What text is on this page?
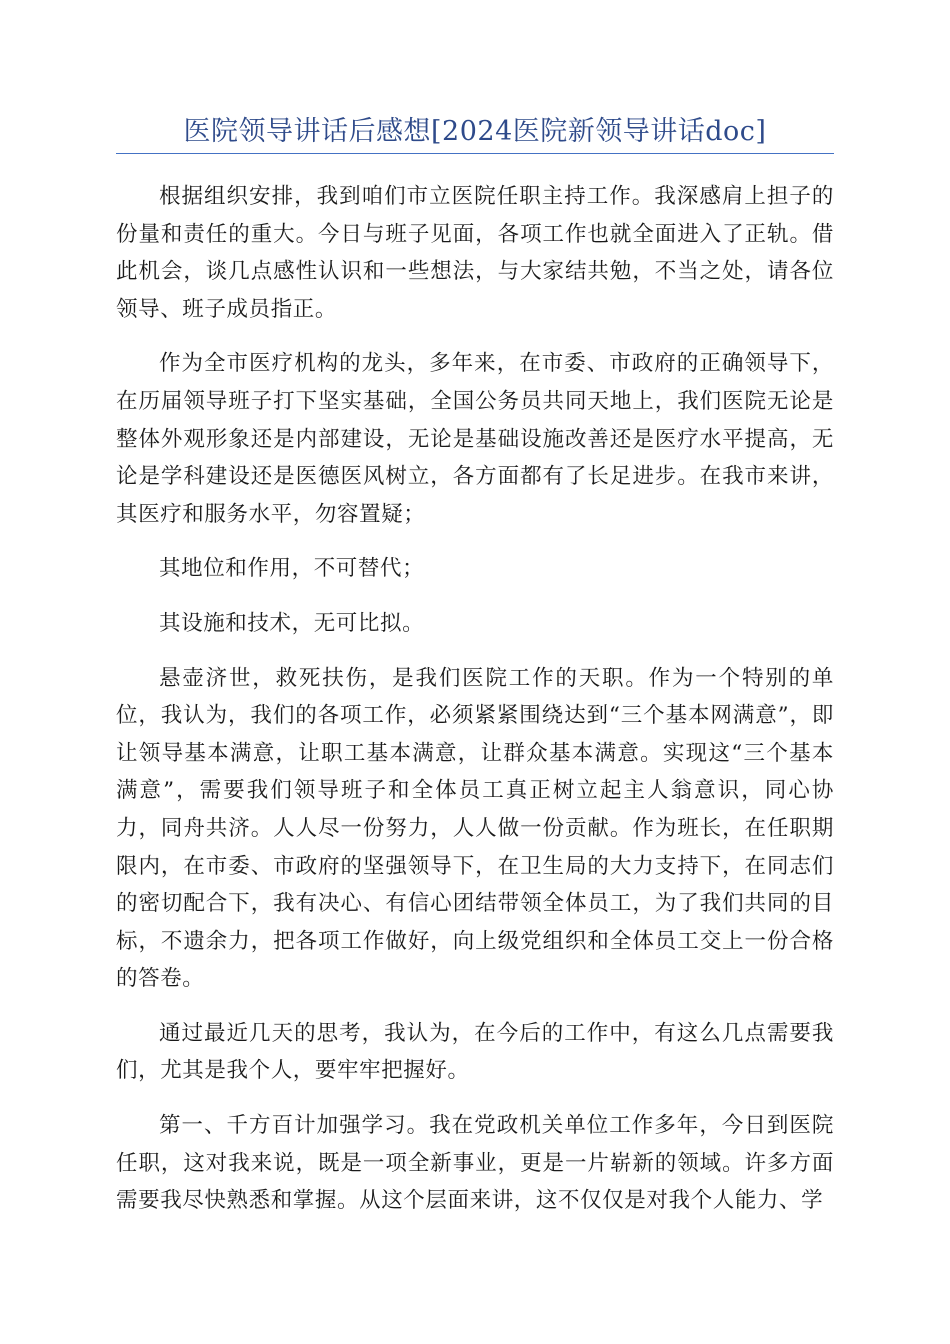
医院领导讲话后感想[2024医院新领导讲话doc]

根据组织安排，我到咱们市立医院任职主持工作。我深感肩上担子的份量和责任的重大。今日与班子见面，各项工作也就全面进入了正轨。借此机会，谈几点感性认识和一些想法，与大家结共勉，不当之处，请各位领导、班子成员指正。

作为全市医疗机构的龙头，多年来，在市委、市政府的正确领导下，在历届领导班子打下坚实基础，全国公务员共同天地上，我们医院无论是整体外观形象还是内部建设，无论是基础设施改善还是医疗水平提高，无论是学科建设还是医德医风树立，各方面都有了长足进步。在我市来讲，其医疗和服务水平，勿容置疑；

其地位和作用，不可替代；

其设施和技术，无可比拟。

悬壶济世，救死扶伤，是我们医院工作的天职。作为一个特别的单位，我认为，我们的各项工作，必须紧紧围绕达到“三个基本网满意”，即让领导基本满意，让职工基本满意，让群众基本满意。实现这“三个基本满意”，需要我们领导班子和全体员工真正树立起主人翁意识，同心协力，同舟共济。人人尽一份努力，人人做一份贡献。作为班长，在任职期限内，在市委、市政府的坚强领导下，在卫生局的大力支持下，在同志们的密切配合下，我有决心、有信心团结带领全体员工，为了我们共同的目标，不遗余力，把各项工作做好，向上级党组织和全体员工交上一份合格的答卷。

通过最近几天的思考，我认为，在今后的工作中，有这么几点需要我们，尤其是我个人，要牢牢把握好。

第一、千方百计加强学习。我在党政机关单位工作多年，今日到医院任职，这对我来说，既是一项全新事业，更是一片崭新的领域。许多方面需要我尽快熟悉和掌握。从这个层面来讲，这不仅仅是对我个人能力、学
